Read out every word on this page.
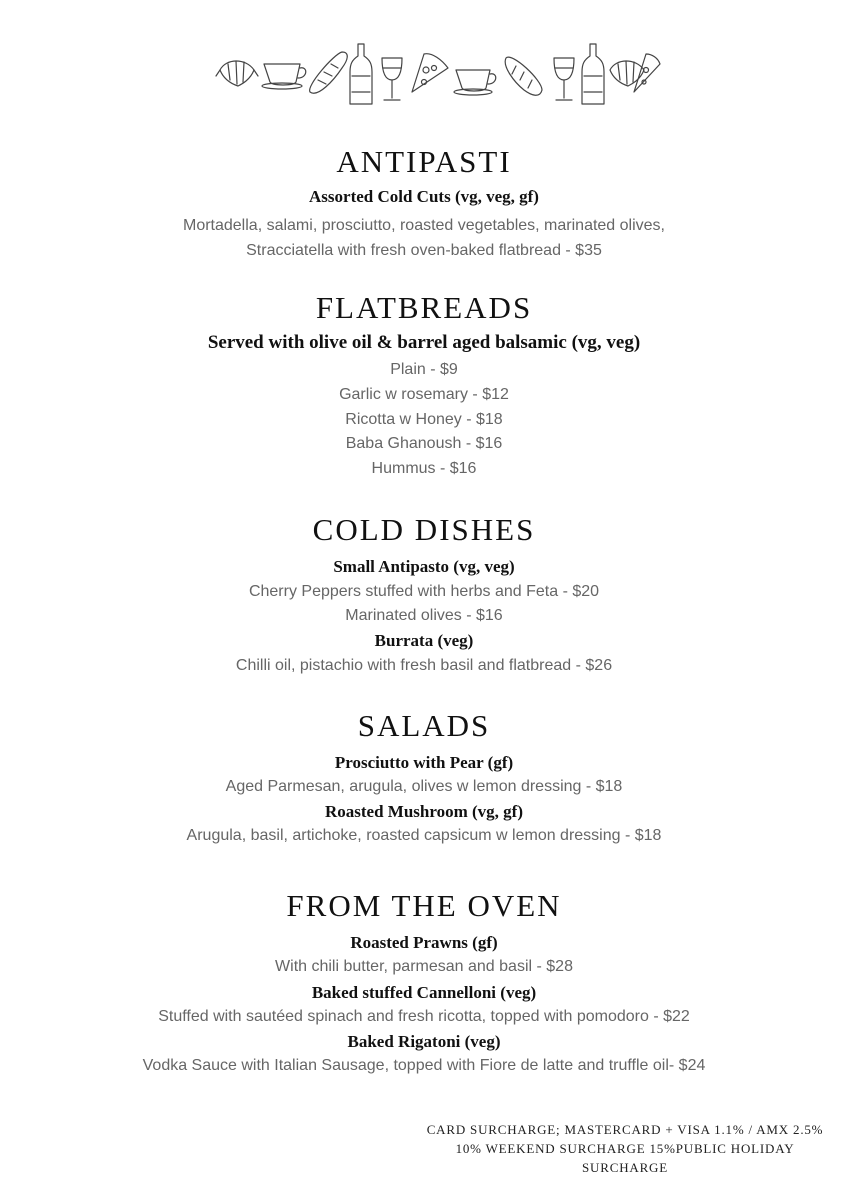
ANTIPASTI
Assorted Cold Cuts (vg, veg, gf)
Mortadella, salami, prosciutto, roasted vegetables, marinated olives,
Stracciatella with fresh oven-baked flatbread - $35
FLATBREADS
Served with olive oil & barrel aged balsamic (vg, veg)
Plain - $9
Garlic w rosemary - $12
Ricotta w Honey - $18
Baba Ghanoush - $16
Hummus - $16
COLD DISHES
Small Antipasto (vg, veg)
Cherry Peppers stuffed with herbs and Feta - $20
Marinated olives - $16
Burrata (veg)
Chilli oil, pistachio with fresh basil and flatbread - $26
SALADS
Prosciutto with Pear (gf)
Aged Parmesan, arugula, olives w lemon dressing - $18
Roasted Mushroom (vg, gf)
Arugula, basil, artichoke, roasted capsicum w lemon dressing - $18
FROM THE OVEN
Roasted Prawns (gf)
With chili butter, parmesan and basil - $28
Baked stuffed Cannelloni (veg)
Stuffed with sautéed spinach and fresh ricotta, topped with pomodoro - $22
Baked Rigatoni (veg)
Vodka Sauce with Italian Sausage, topped with Fiore de latte and truffle oil- $24
CARD SURCHARGE; MASTERCARD + VISA 1.1% / AMX 2.5%
10% WEEKEND SURCHARGE 15%PUBLIC HOLIDAY
SURCHARGE
